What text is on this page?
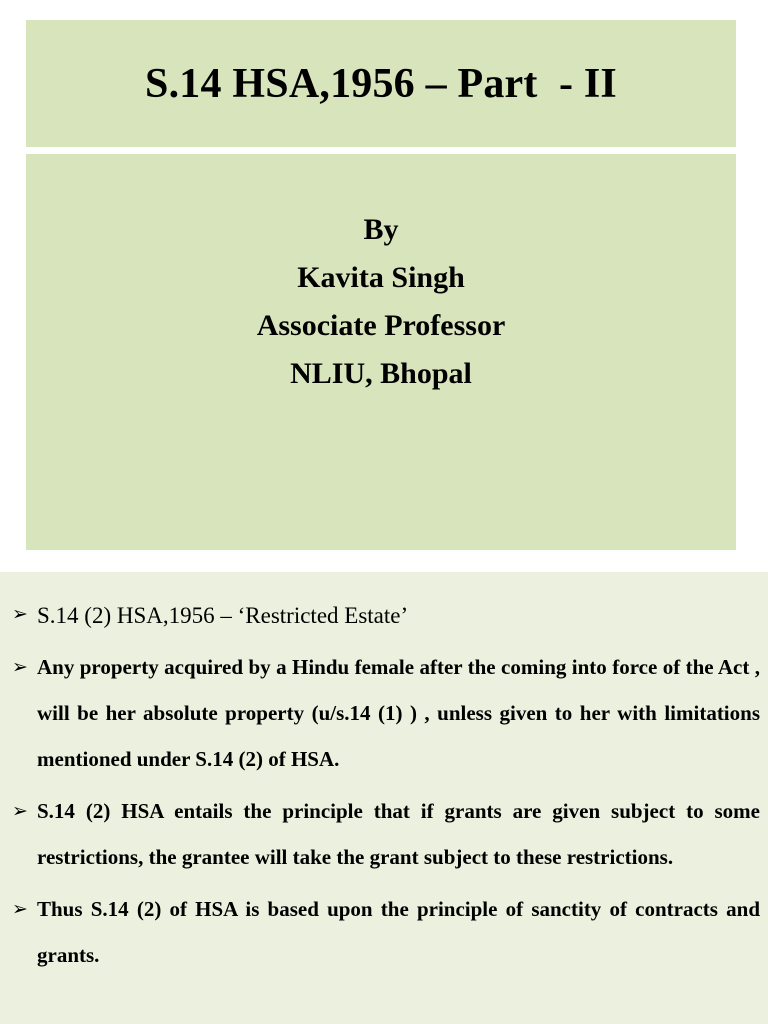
S.14 HSA,1956 – Part  - II
By
Kavita Singh
Associate Professor
NLIU, Bhopal
➢ S.14 (2) HSA,1956 – ‘Restricted Estate’
➢ Any property acquired by a Hindu female after the coming into force of the Act , will be her absolute property (u/s.14 (1) ) , unless given to her with limitations mentioned under S.14 (2) of HSA.
➢ S.14 (2) HSA entails the principle that if grants are given subject to some restrictions, the grantee will take the grant subject to these restrictions.
➢ Thus S.14 (2) of HSA is based upon the principle of sanctity of contracts and grants.
